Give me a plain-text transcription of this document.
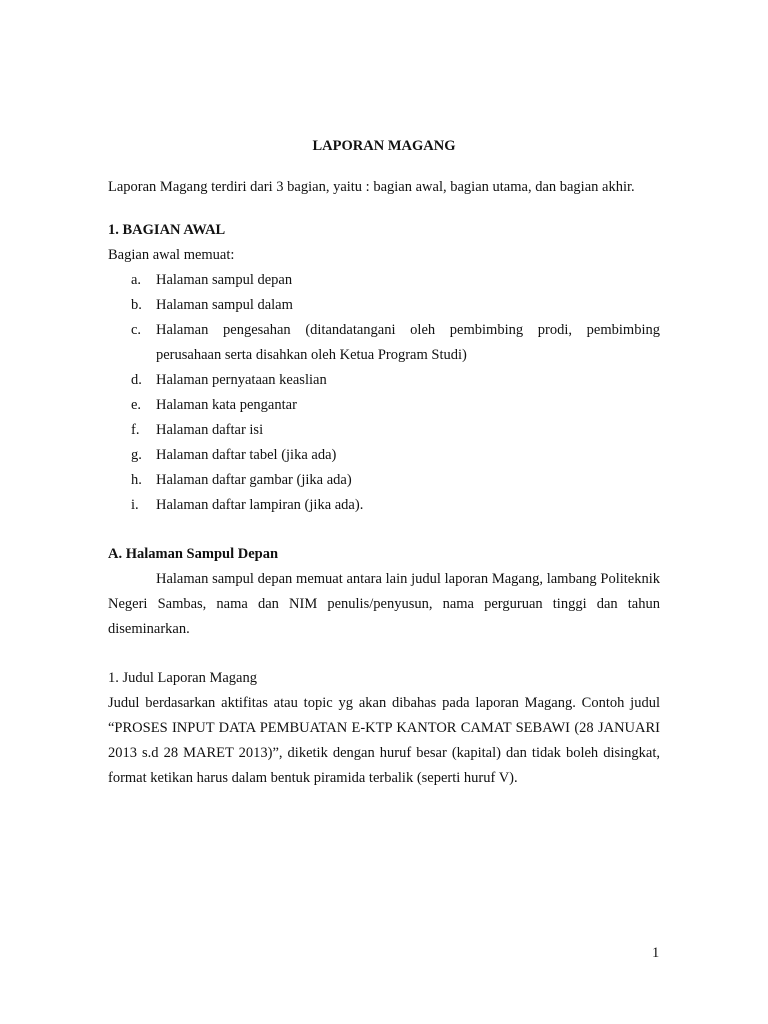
LAPORAN MAGANG

Laporan Magang terdiri dari 3 bagian, yaitu : bagian awal, bagian utama, dan bagian akhir.

1. BAGIAN AWAL

Bagian awal memuat:

a. Halaman sampul depan
b. Halaman sampul dalam
c. Halaman pengesahan (ditandatangani oleh pembimbing prodi, pembimbing perusahaan serta disahkan oleh Ketua Program Studi)
d. Halaman pernyataan keaslian
e. Halaman kata pengantar
f. Halaman daftar isi
g. Halaman daftar tabel (jika ada)
h. Halaman daftar gambar (jika ada)
i. Halaman daftar lampiran (jika ada).

A. Halaman Sampul Depan

Halaman sampul depan memuat antara lain judul laporan Magang, lambang Politeknik Negeri Sambas, nama dan NIM penulis/penyusun, nama perguruan tinggi dan tahun diseminarkan.

1. Judul Laporan Magang

Judul berdasarkan aktifitas atau topic yg akan dibahas pada laporan Magang. Contoh judul “PROSES INPUT DATA PEMBUATAN E-KTP KANTOR CAMAT SEBAWI (28 JANUARI 2013 s.d 28 MARET 2013)”, diketik dengan huruf besar (kapital) dan tidak boleh disingkat, format ketikan harus dalam bentuk piramida terbalik (seperti huruf V).

1
